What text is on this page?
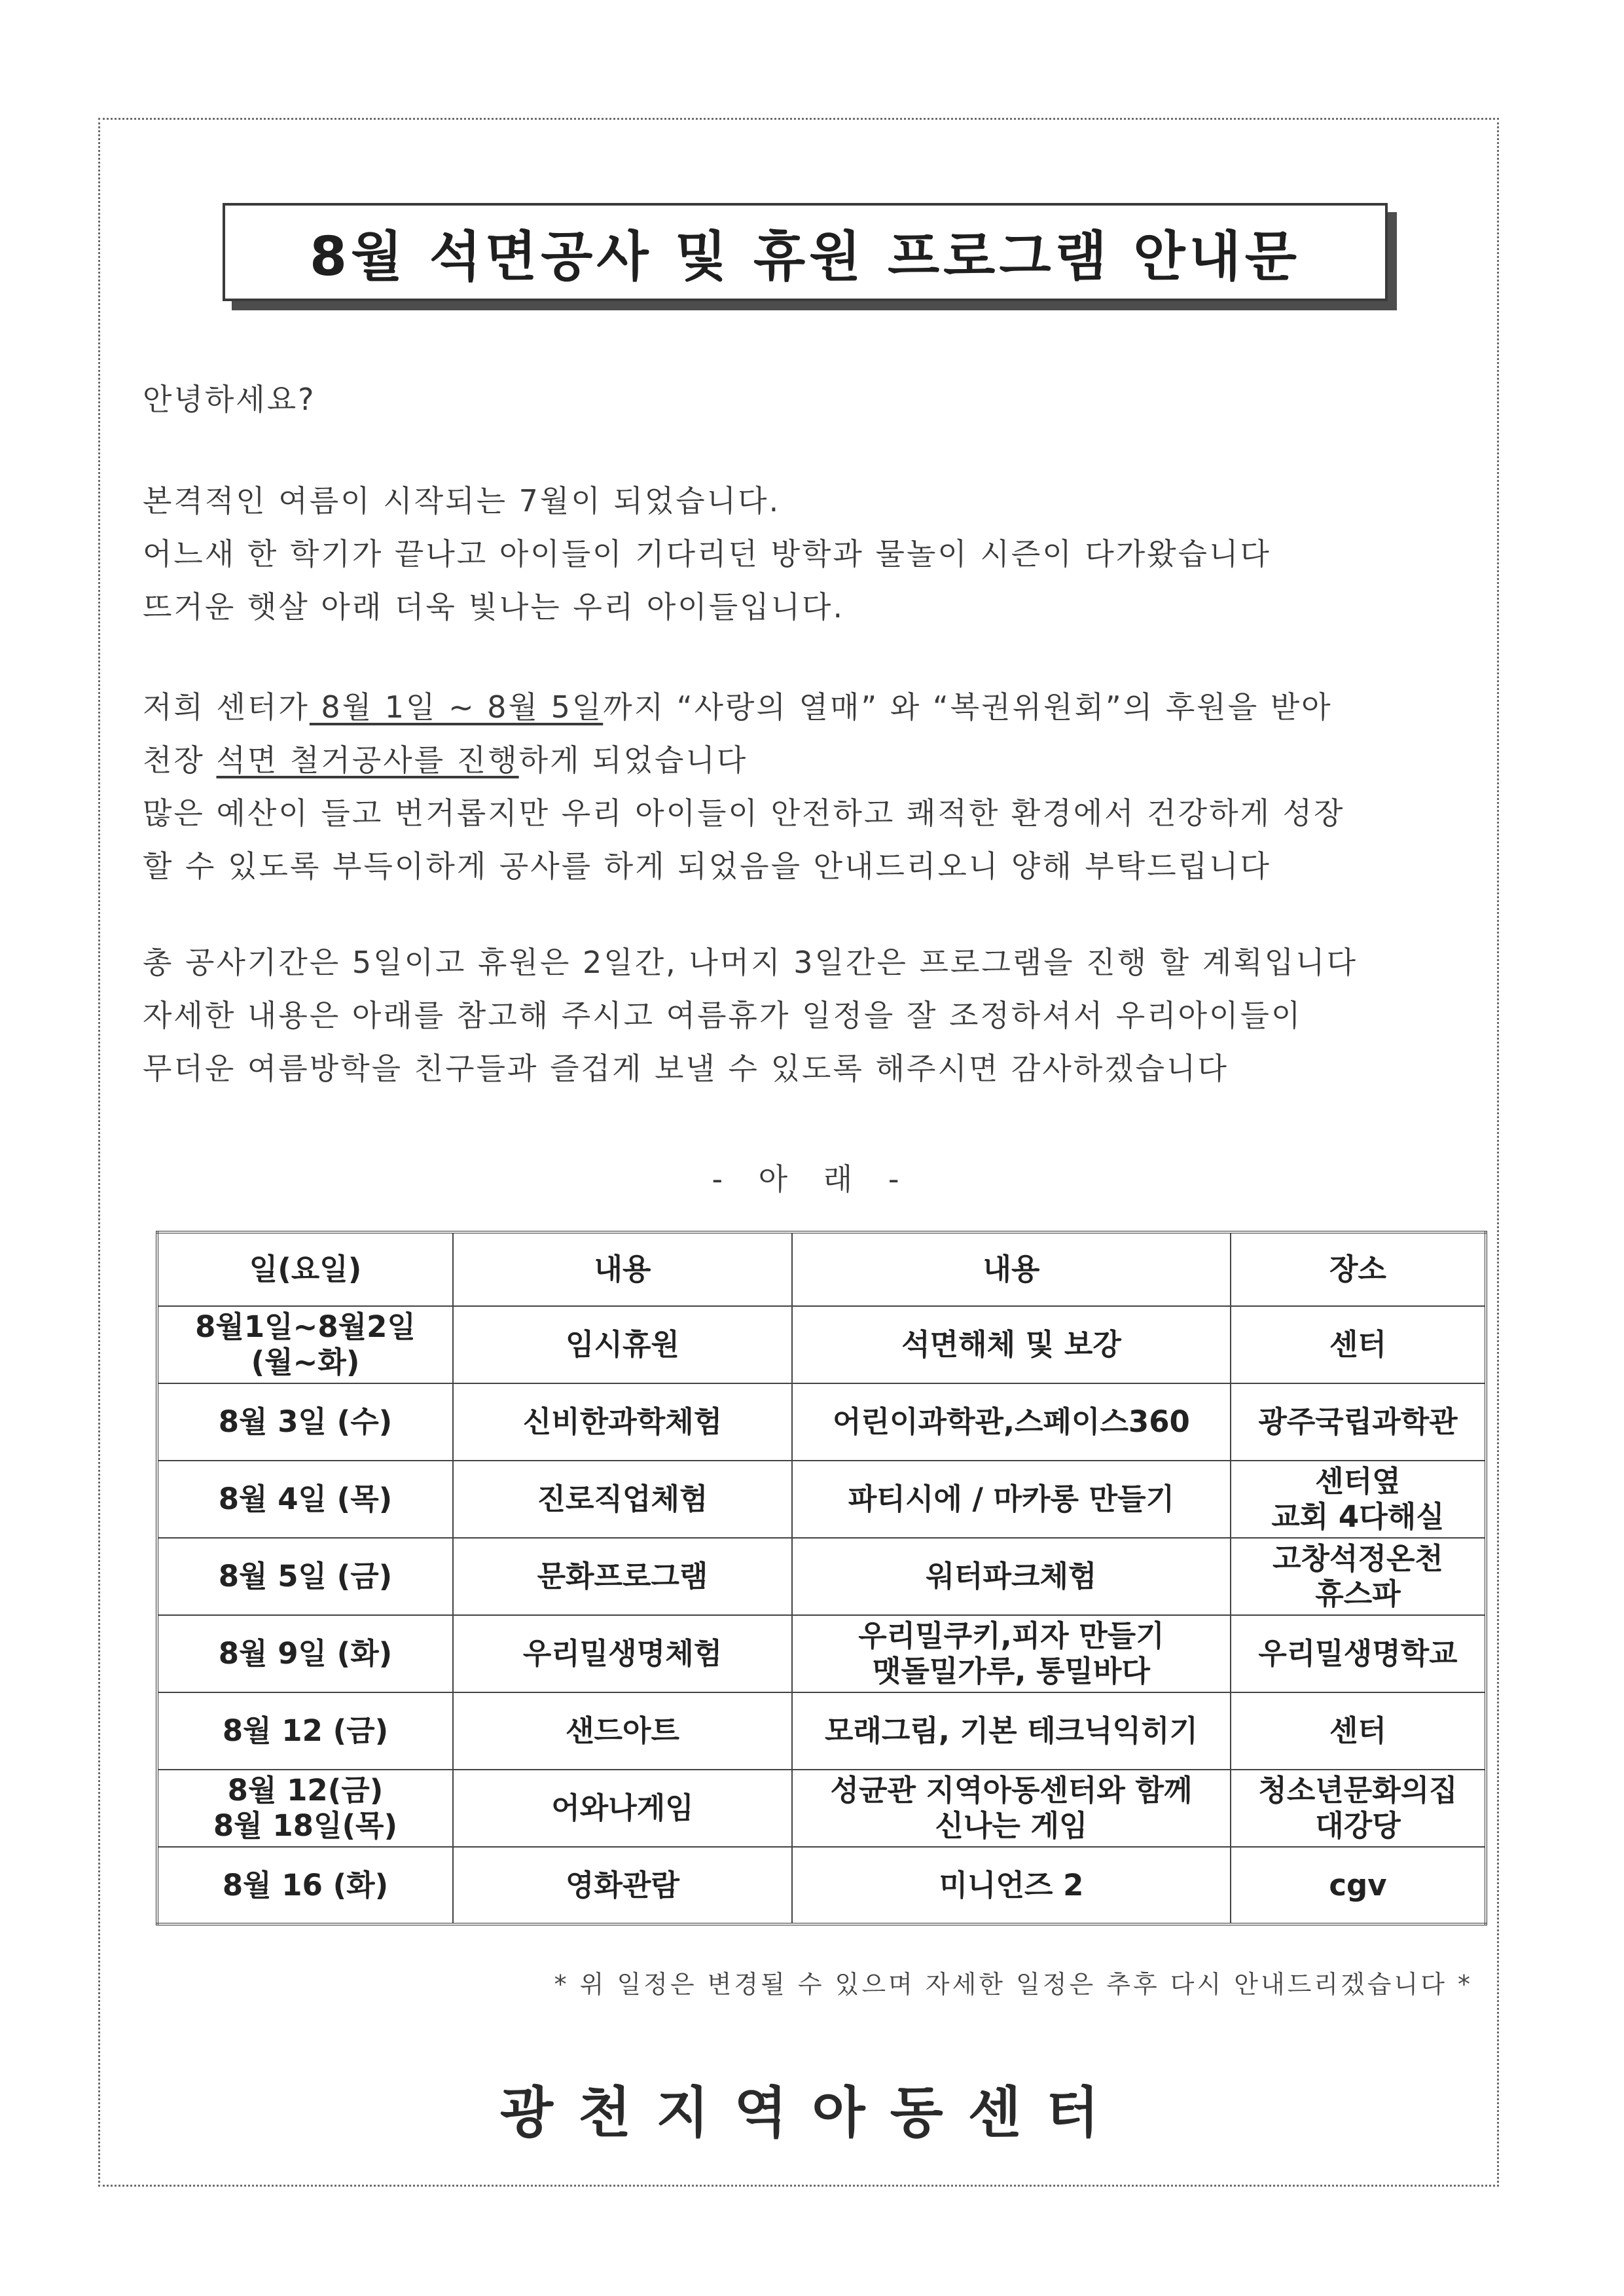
8월 석면공사 및 휴원 프로그램 안내문

안녕하세요?

본격적인 여름이 시작되는 7월이 되었습니다.

어느새 한 학기가 끝나고 아이들이 기다리던 방학과 물놀이 시즌이 다가왔습니다

뜨거운 햇살 아래 더욱 빛나는 우리 아이들입니다.

저희 센터가 8월 1일 ~ 8월 5일까지 “사랑의 열매” 와 “복권위원회”의 후원을 받아

천장 석면 철거공사를 진행하게 되었습니다

많은 예산이 들고 번거롭지만 우리 아이들이 안전하고 쾌적한 환경에서 건강하게 성장

할 수 있도록 부득이하게 공사를 하게 되었음을 안내드리오니 양해 부탁드립니다

총 공사기간은 5일이고 휴원은 2일간, 나머지 3일간은 프로그램을 진행 할 계획입니다

자세한 내용은 아래를 참고해 주시고 여름휴가 일정을 잘 조정하셔서 우리아이들이

무더운 여름방학을 친구들과 즐겁게 보낼 수 있도록 해주시면 감사하겠습니다

- 아 래 -
일(요일)	내용	내용	장소
8월1일~8월2일
(월~화)	임시휴원	석면해체 및 보강	센터
8월 3일 (수)	신비한과학체험	어린이과학관,스페이스360	광주국립과학관
8월 4일 (목)	진로직업체험	파티시에 / 마카롱 만들기	센터옆
교회 4다해실
8월 5일 (금)	문화프로그램	워터파크체험	고창석정온천
휴스파
8월 9일 (화)	우리밀생명체험	우리밀쿠키,피자 만들기
맷돌밀가루, 통밀바다	우리밀생명학교
8월 12 (금)	샌드아트	모래그림, 기본 테크닉익히기	센터
8월 12(금)
8월 18일(목)	어와나게임	성균관 지역아동센터와 함께
신나는 게임	청소년문화의집
대강당
8월 16 (화)	영화관람	미니언즈 2	cgv
* 위 일정은 변경될 수 있으며 자세한 일정은 추후 다시 안내드리겠습니다 *
광천지역아동센터
